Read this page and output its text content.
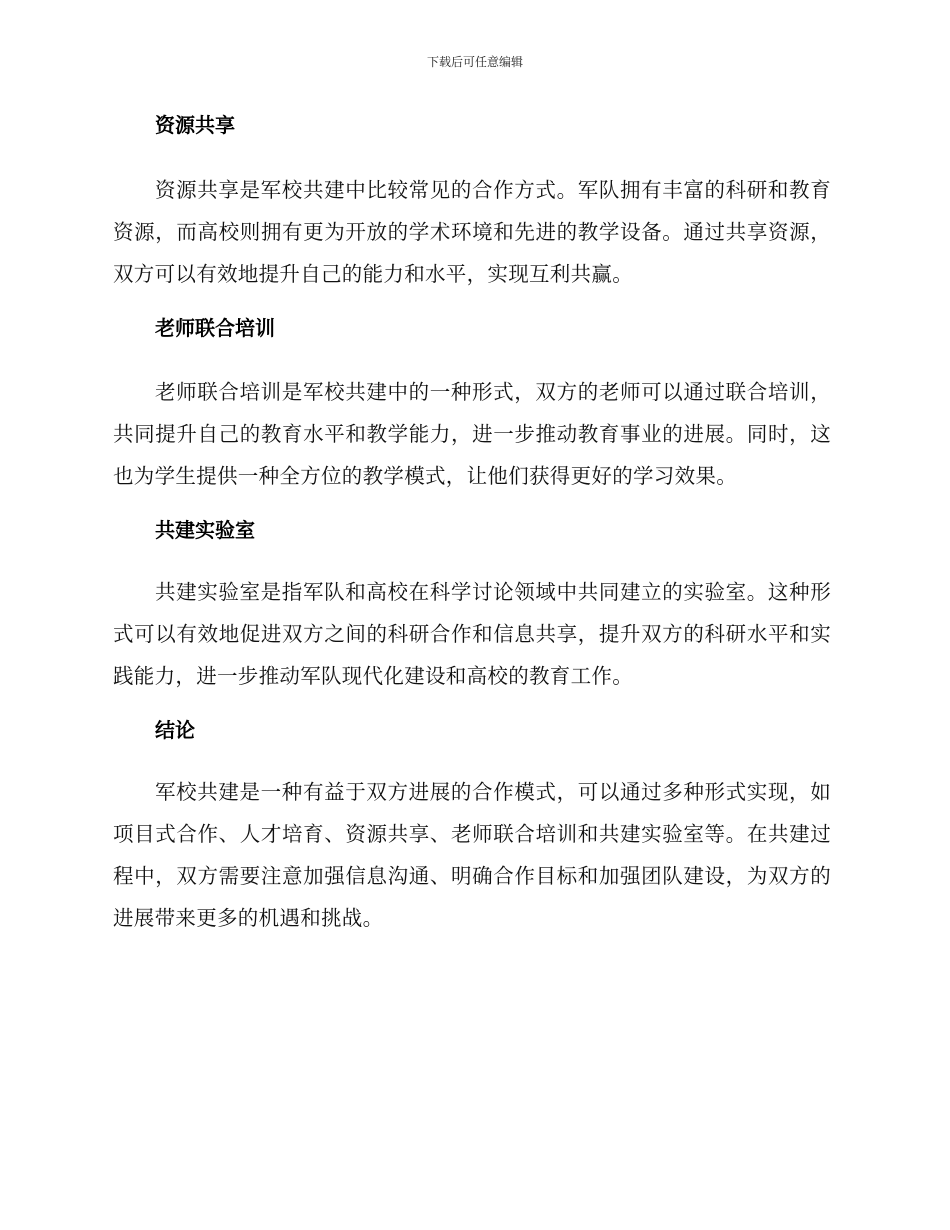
下载后可任意编辑
资源共享

资源共享是军校共建中比较常见的合作方式。军队拥有丰富的科研和教育资源，而高校则拥有更为开放的学术环境和先进的教学设备。通过共享资源，双方可以有效地提升自己的能力和水平，实现互利共赢。

老师联合培训

老师联合培训是军校共建中的一种形式，双方的老师可以通过联合培训，共同提升自己的教育水平和教学能力，进一步推动教育事业的进展。同时，这也为学生提供一种全方位的教学模式，让他们获得更好的学习效果。

共建实验室

共建实验室是指军队和高校在科学讨论领域中共同建立的实验室。这种形式可以有效地促进双方之间的科研合作和信息共享，提升双方的科研水平和实践能力，进一步推动军队现代化建设和高校的教育工作。

结论

军校共建是一种有益于双方进展的合作模式，可以通过多种形式实现，如项目式合作、人才培育、资源共享、老师联合培训和共建实验室等。在共建过程中，双方需要注意加强信息沟通、明确合作目标和加强团队建设，为双方的进展带来更多的机遇和挑战。
